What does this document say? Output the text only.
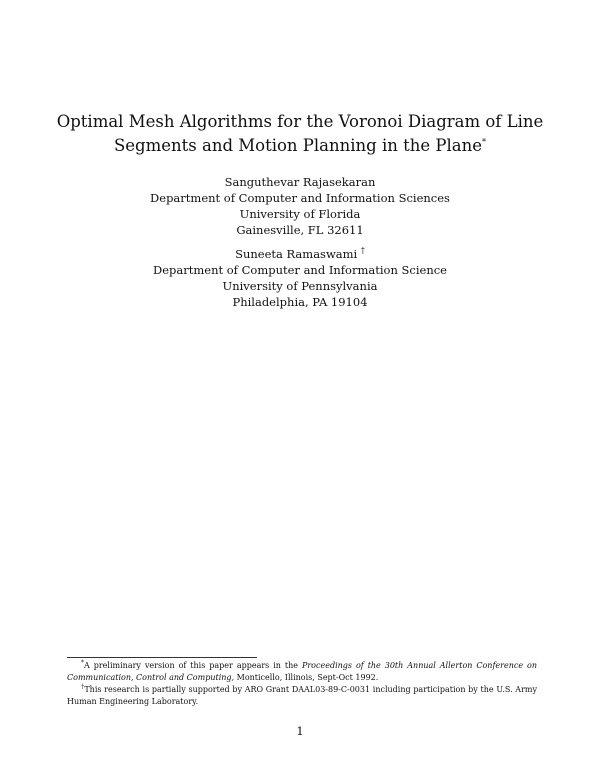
Optimal Mesh Algorithms for the Voronoi Diagram of Line
Segments and Motion Planning in the Plane*
Sanguthevar Rajasekaran
Department of Computer and Information Sciences
University of Florida
Gainesville, FL 32611
Suneeta Ramaswami †
Department of Computer and Information Science
University of Pennsylvania
Philadelphia, PA 19104
*A preliminary version of this paper appears in the Proceedings of the 30th Annual Allerton Conference on Communication, Control and Computing, Monticello, Illinois, Sept-Oct 1992.
†This research is partially supported by ARO Grant DAAL03-89-C-0031 including participation by the U.S. Army Human Engineering Laboratory.
1
